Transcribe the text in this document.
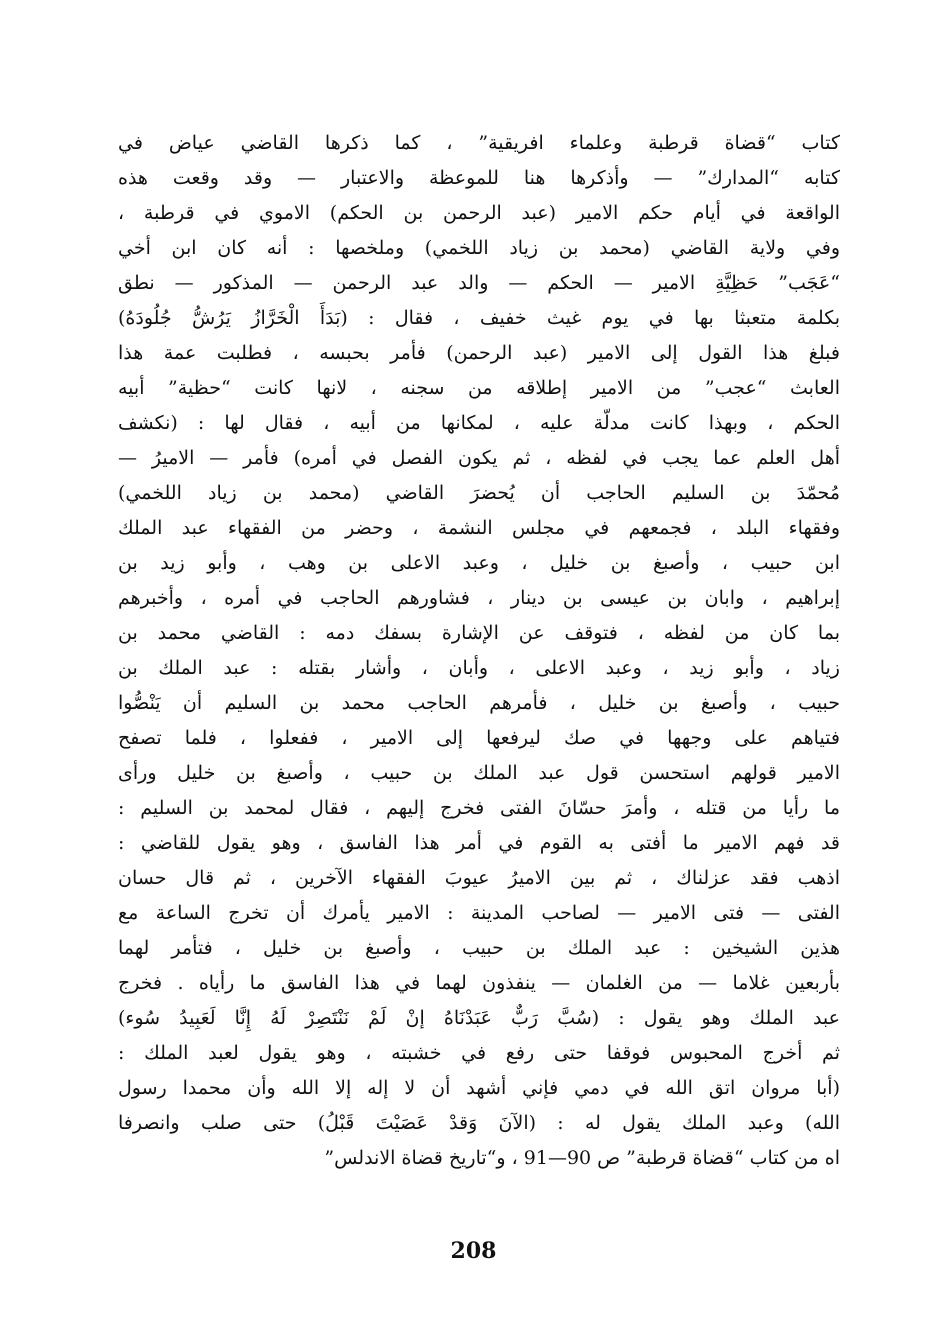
كتاب “قضاة قرطبة وعلماء افريقية” ، كما ذكرها القاضي عياض في
كتابه “المدارك” — وأذكرها هنا للموعظة والاعتبار — وقد وقعت هذه
الواقعة في أيام حكم الامير (عبد الرحمن بن الحكم) الاموي في قرطبة ،
وفي ولاية القاضي (محمد بن زياد اللخمي) وملخصها : أنه كان ابن أخي
“عَجَب” حَظِيَّةِ الامير — الحكم — والد عبد الرحمن — المذكور — نطق
بكلمة متعبثا بها في يوم غيث خفيف ، فقال : (بَدَأَ الْخَرَّازُ يَرُشُّ جُلُودَهُ)
فبلغ هذا القول إلى الامير (عبد الرحمن) فأمر بحبسه ، فطلبت عمة هذا
العابث “عجب” من الامير إطلاقه من سجنه ، لانها كانت “حظية” أبيه
الحكم ، وبهذا كانت مدلّة عليه ، لمكانها من أبيه ، فقال لها : (نكشف
أهل العلم عما يجب في لفظه ، ثم يكون الفصل في أمره) فأمر — الاميرُ —
مُحمّدَ بن السليم الحاجب أن يُحضرَ القاضي (محمد بن زياد اللخمي)
وفقهاء البلد ، فجمعهم في مجلس النشمة ، وحضر من الفقهاء عبد الملك
ابن حبيب ، وأصبغ بن خليل ، وعبد الاعلى بن وهب ، وأبو زيد بن
إبراهيم ، وابان بن عيسى بن دينار ، فشاورهم الحاجب في أمره ، وأخبرهم
بما كان من لفظه ، فتوقف عن الإشارة بسفك دمه : القاضي محمد بن
زياد ، وأبو زيد ، وعبد الاعلى ، وأبان ، وأشار بقتله : عبد الملك بن
حبيب ، وأصبغ بن خليل ، فأمرهم الحاجب محمد بن السليم أن يَنْصُّوا
فتياهم على وجهها في صك ليرفعها إلى الامير ، ففعلوا ، فلما تصفح
الامير قولهم استحسن قول عبد الملك بن حبيب ، وأصبغ بن خليل ورأى
ما رأيا من قتله ، وأمرَ حسّانَ الفتى فخرج إليهم ، فقال لمحمد بن السليم :
قد فهم الامير ما أفتى به القوم في أمر هذا الفاسق ، وهو يقول للقاضي :
اذهب فقد عزلناك ، ثم بين الاميرُ عيوبَ الفقهاء الآخرين ، ثم قال حسان
الفتى — فتى الامير — لصاحب المدينة : الامير يأمرك أن تخرج الساعة مع
هذين الشيخين : عبد الملك بن حبيب ، وأصبغ بن خليل ، فتأمر لهما
بأربعين غلاما — من الغلمان — ينفذون لهما في هذا الفاسق ما رأياه . فخرج
عبد الملك وهو يقول : (سُبَّ رَبٌّ عَبَدْنَاهُ إنْ لَمْ نَنْتَصِرْ لَهُ إِنَّا لَعَبِيدُ سُوء)
ثم أخرج المحبوس فوقفا حتى رفع في خشبته ، وهو يقول لعبد الملك :
(أبا مروان اتق الله في دمي فإني أشهد أن لا إله إلا الله وأن محمدا رسول
الله) وعبد الملك يقول له : (الآنَ وَقدْ عَصَيْتَ قَبْلُ) حتى صلب وانصرفا
اه من كتاب “قضاة قرطبة” ص 90—91 ، و“تاريخ قضاة الاندلس”
208
